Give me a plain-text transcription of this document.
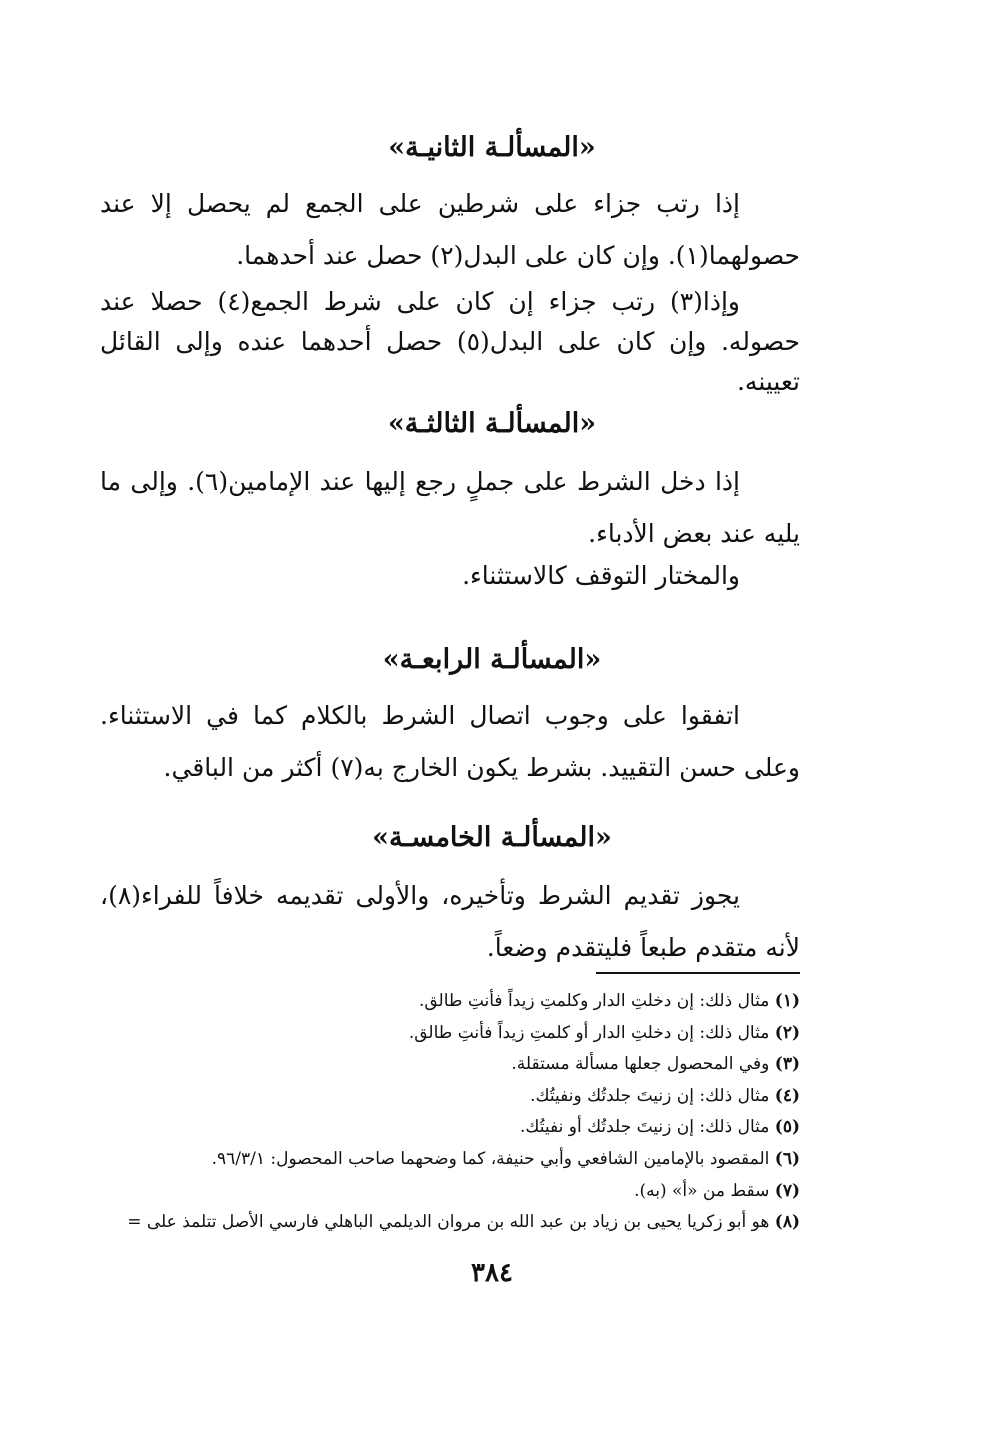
«المسألـة الثانيـة»
إذا رتب جزاء على شرطين على الجمع لم يحصل إلا عند حصولهما(١). وإن كان على البدل(٢) حصل عند أحدهما.
وإذا(٣) رتب جزاء إن كان على شرط الجمع(٤) حصلا عند حصوله. وإن كان على البدل(٥) حصل أحدهما عنده وإلى القائل تعيينه.
«المسألـة الثالثـة»
إذا دخل الشرط على جملٍ رجع إليها عند الإمامين(٦). وإلى ما يليه عند بعض الأدباء.
والمختار التوقف كالاستثناء.
«المسألـة الرابعـة»
اتفقوا على وجوب اتصال الشرط بالكلام كما في الاستثناء. وعلى حسن التقييد. بشرط يكون الخارج به(٧) أكثر من الباقي.
«المسألـة الخامسـة»
يجوز تقديم الشرط وتأخيره، والأولى تقديمه خلافاً للفراء(٨)، لأنه متقدم طبعاً فليتقدم وضعاً.
(١) مثال ذلك: إن دخلتِ الدار وكلمتِ زيداً فأنتِ طالق.
(٢) مثال ذلك: إن دخلتِ الدار أو كلمتِ زيداً فأنتِ طالق.
(٣) وفي المحصول جعلها مسألة مستقلة.
(٤) مثال ذلك: إن زنيتَ جلدتُك ونفيتُك.
(٥) مثال ذلك: إن زنيتَ جلدتُك أو نفيتُك.
(٦) المقصود بالإمامين الشافعي وأبي حنيفة، كما وضحهما صاحب المحصول: ٩٦/٣/١.
(٧) سقط من «أ» (به).
(٨) هو أبو زكريا يحيى بن زياد بن عبد الله بن مروان الديلمي الباهلي فارسي الأصل تتلمذ على =
٣٨٤
